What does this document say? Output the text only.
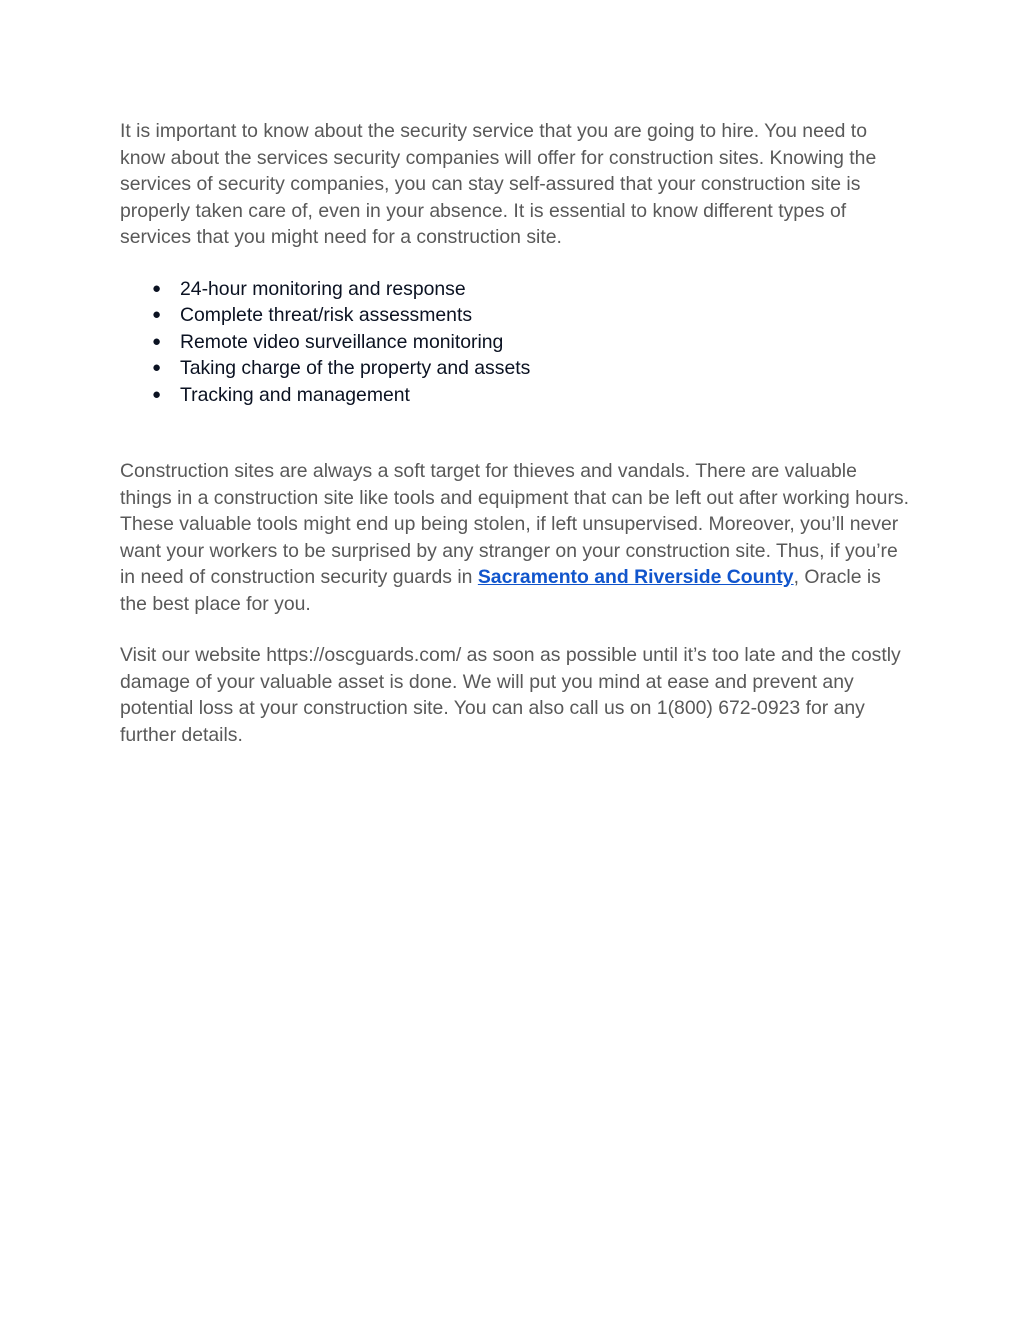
It is important to know about the security service that you are going to hire. You need to know about the services security companies will offer for construction sites. Knowing the services of security companies, you can stay self-assured that your construction site is properly taken care of, even in your absence. It is essential to know different types of services that you might need for a construction site.

● 24-hour monitoring and response
● Complete threat/risk assessments
● Remote video surveillance monitoring
● Taking charge of the property and assets
● Tracking and management

Construction sites are always a soft target for thieves and vandals. There are valuable things in a construction site like tools and equipment that can be left out after working hours. These valuable tools might end up being stolen, if left unsupervised. Moreover, you’ll never want your workers to be surprised by any stranger on your construction site. Thus, if you’re in need of construction security guards in Sacramento and Riverside County, Oracle is the best place for you.

Visit our website https://oscguards.com/ as soon as possible until it’s too late and the costly damage of your valuable asset is done. We will put you mind at ease and prevent any potential loss at your construction site. You can also call us on 1(800) 672-0923 for any further details.
